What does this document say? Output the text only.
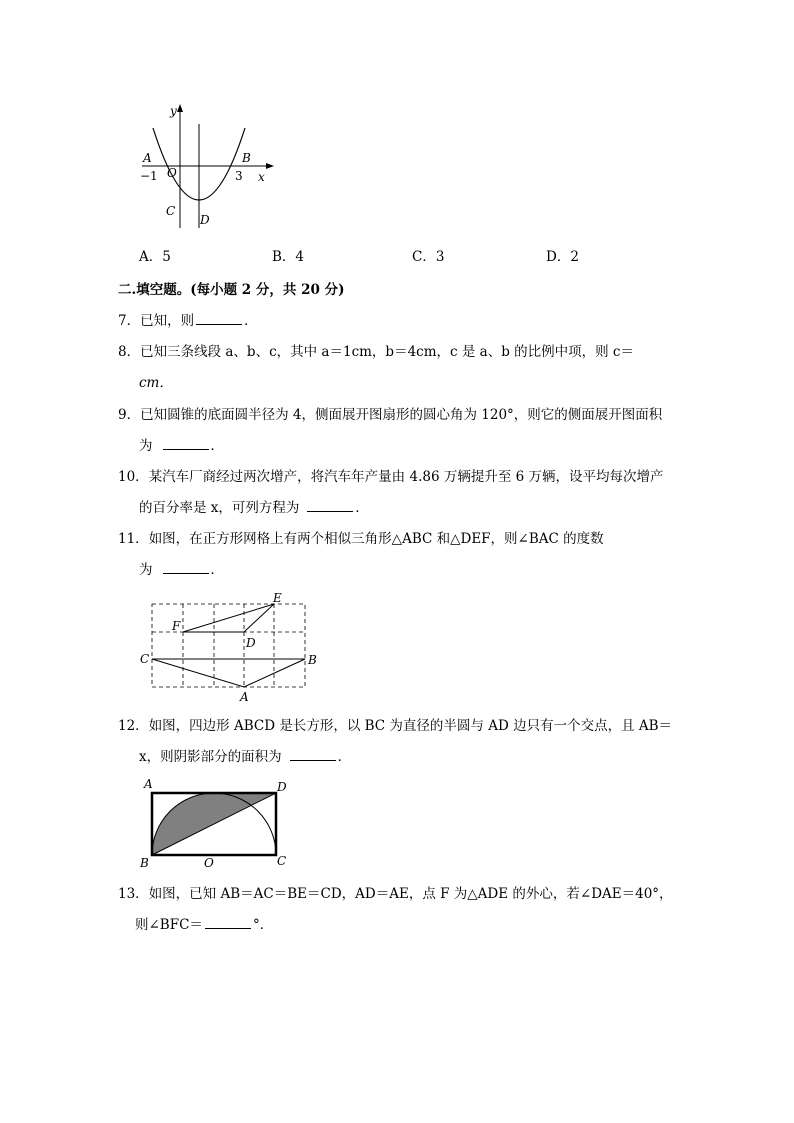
y
A
O
B
−1	3 x
C
D
A．5	B．4	C．3	D．2
二.填空题。(每小题 2 分，共 20 分)
7．已知，则	．
8．已知三条线段 a、b、c，其中 a＝1cm，b＝4cm，c 是 a、b 的比例中项，则 c＝
cm．
9．已知圆锥的底面圆半径为 4，侧面展开图扇形的圆心角为 120°，则它的侧面展开图面积
为	．
10．某汽车厂商经过两次增产，将汽车年产量由 4.86 万辆提升至 6 万辆，设平均每次增产
的百分率是 x，可列方程为	．
11．如图，在正方形网格上有两个相似三角形△ABC 和△DEF，则∠BAC 的度数
为	．
E
F
D
C	B
A
12．如图，四边形 ABCD 是长方形，以 BC 为直径的半圆与 AD 边只有一个交点，且 AB＝
x，则阴影部分的面积为	．
A	D
B	O	C
13．如图，已知 AB＝AC＝BE＝CD，AD＝AE，点 F 为△ADE 的外心，若∠DAE＝40°，
则∠BFC＝	°．
